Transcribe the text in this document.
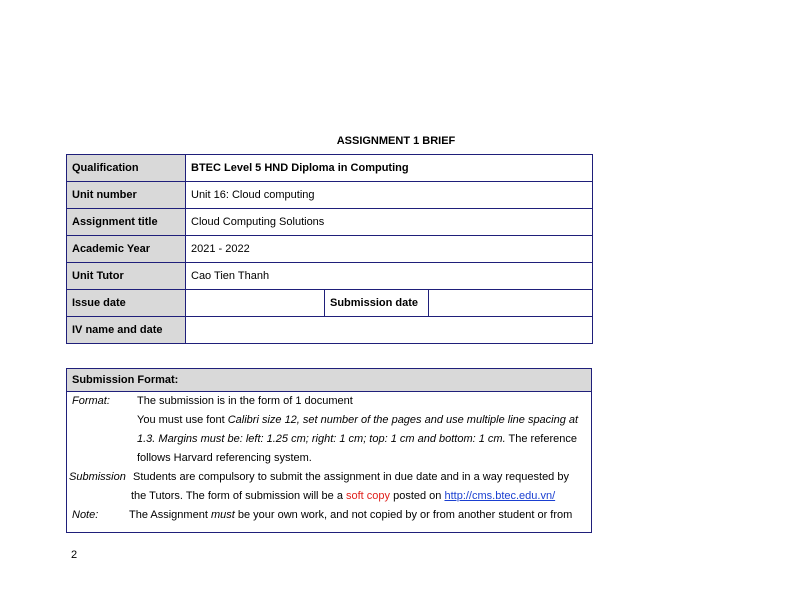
ASSIGNMENT 1 BRIEF
Qualification	BTEC Level 5 HND Diploma in Computing		
Unit number	Unit 16: Cloud computing		
Assignment title	Cloud Computing Solutions		
Academic Year	2021 - 2022		
Unit Tutor	Cao Tien Thanh		
Issue date		Submission date	
IV name and date			
Submission Format:
Format: The submission is in the form of 1 document
You must use font Calibri size 12, set number of the pages and use multiple line spacing at
1.3. Margins must be: left: 1.25 cm; right: 1 cm; top: 1 cm and bottom: 1 cm. The reference
follows Harvard referencing system.
Submission Students are compulsory to submit the assignment in due date and in a way requested by
the Tutors. The form of submission will be a soft copy posted on http://cms.btec.edu.vn/
Note:	The Assignment must be your own work, and not copied by or from another student or from
2
